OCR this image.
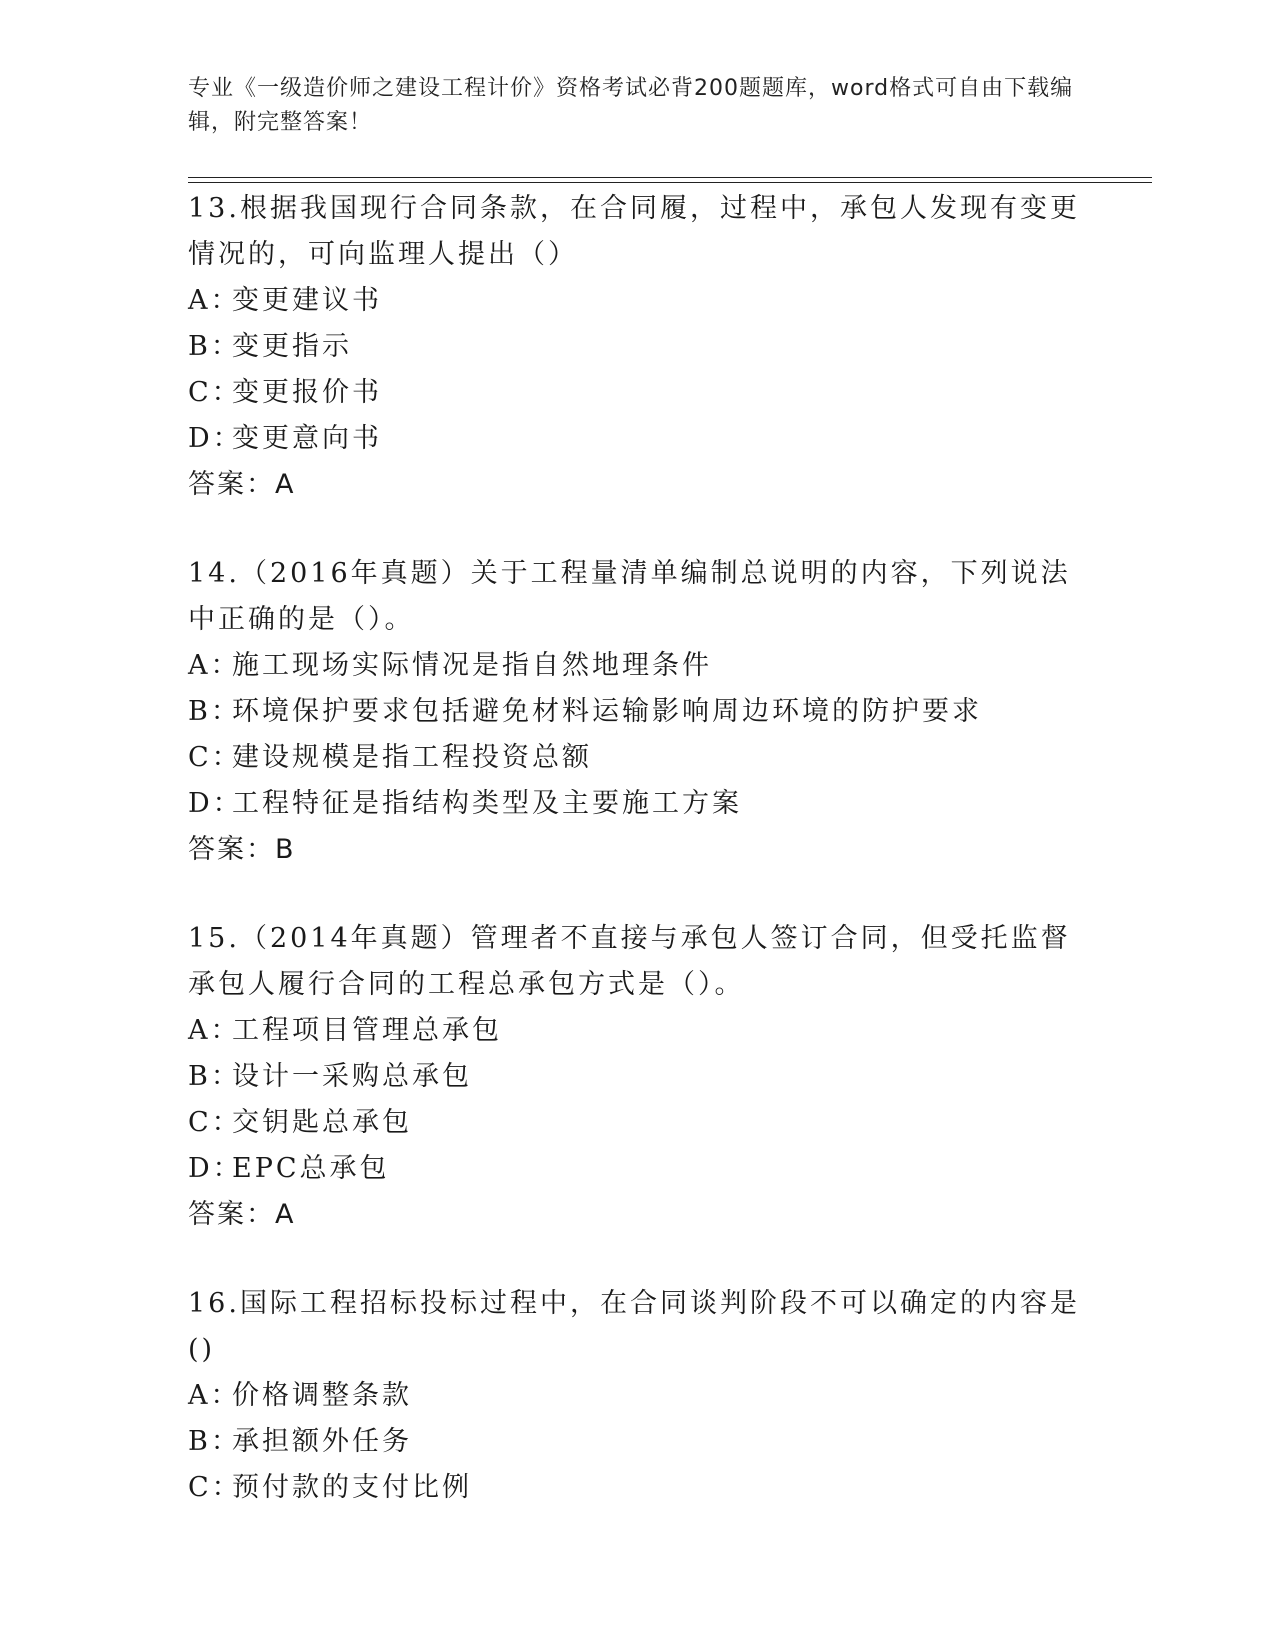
专业《一级造价师之建设工程计价》资格考试必背200题题库，word格式可自由下载编辑，附完整答案！

13.根据我国现行合同条款，在合同履，过程中，承包人发现有变更情况的，可向监理人提出（）

A：变更建议书
B：变更指示
C：变更报价书
D：变更意向书
答案：A

14.（2016年真题）关于工程量清单编制总说明的内容，下列说法中正确的是（）。

A：施工现场实际情况是指自然地理条件
B：环境保护要求包括避免材料运输影响周边环境的防护要求
C：建设规模是指工程投资总额
D：工程特征是指结构类型及主要施工方案
答案：B

15.（2014年真题）管理者不直接与承包人签订合同，但受托监督承包人履行合同的工程总承包方式是（）。

A：工程项目管理总承包
B：设计一采购总承包
C：交钥匙总承包
D：EPC总承包
答案：A

16.国际工程招标投标过程中，在合同谈判阶段不可以确定的内容是()

A：价格调整条款
B：承担额外任务
C：预付款的支付比例
